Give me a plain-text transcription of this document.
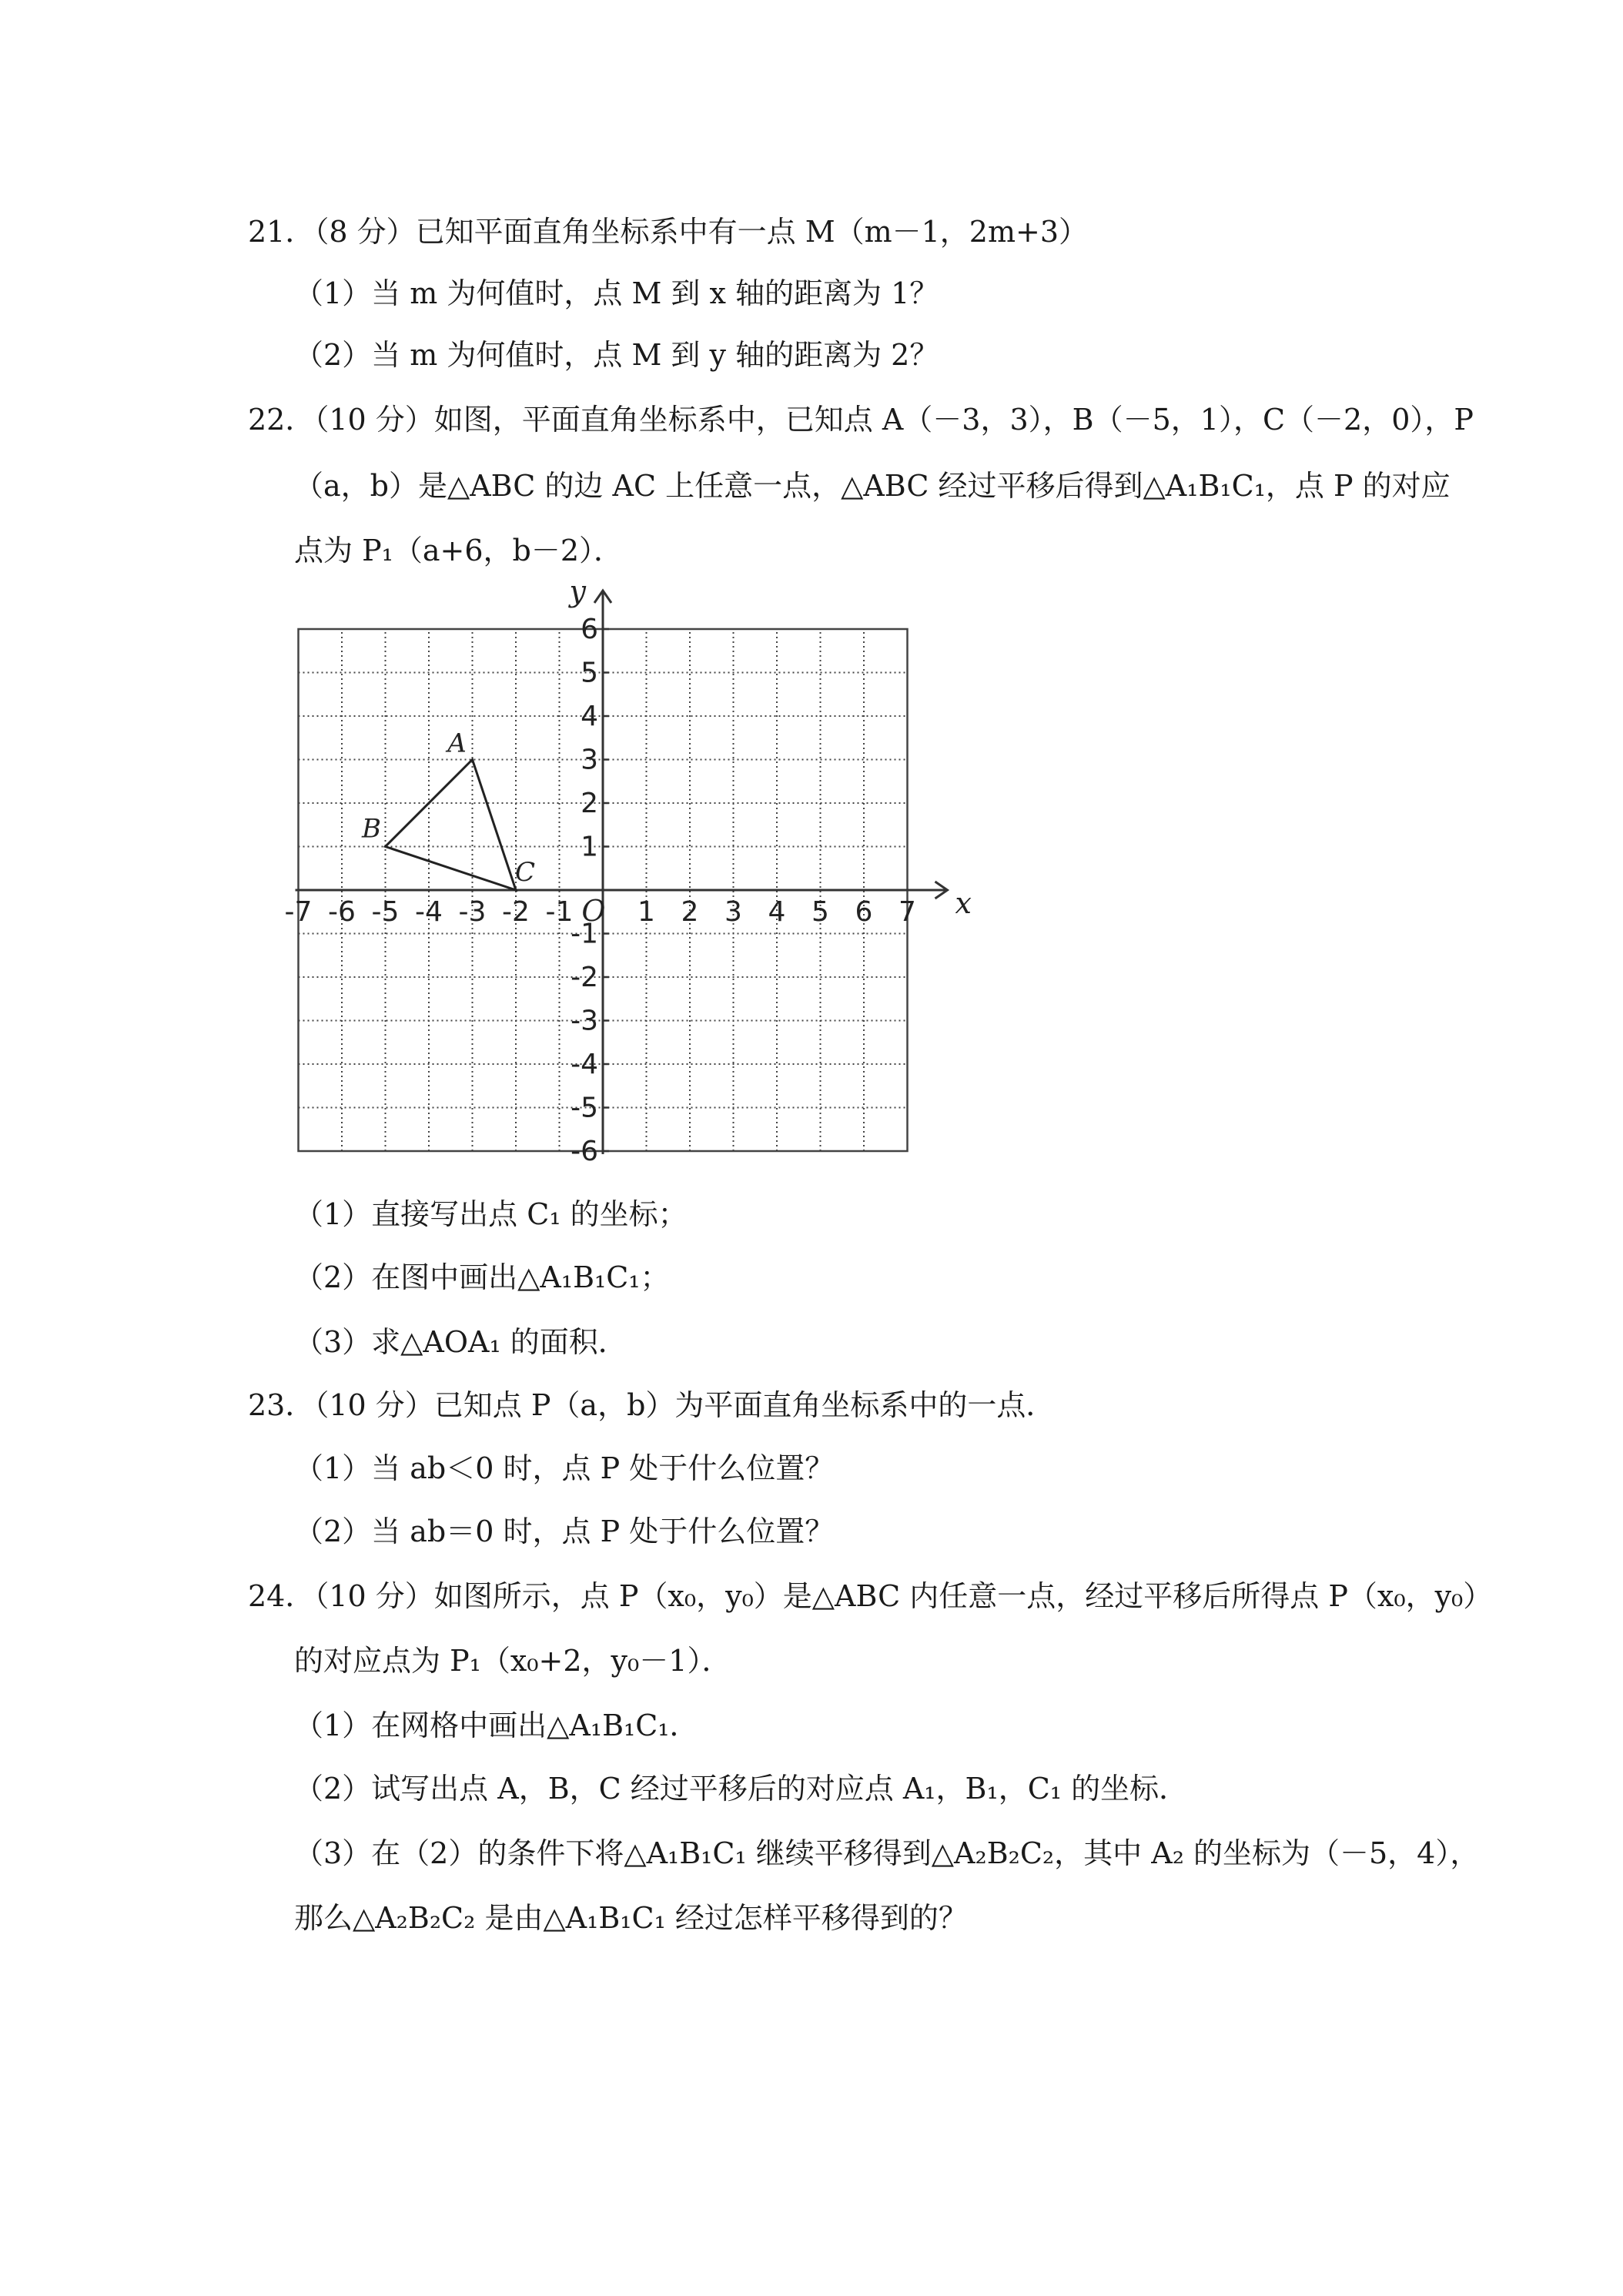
21．（8 分）已知平面直角坐标系中有一点 M（m－1，2m+3）
（1）当 m 为何值时，点 M 到 x 轴的距离为 1？
（2）当 m 为何值时，点 M 到 y 轴的距离为 2？
22．（10 分）如图，平面直角坐标系中，已知点 A（－3，3），B（－5，1），C（－2，0），P
（a，b）是△ABC 的边 AC 上任意一点，△ABC 经过平移后得到△A₁B₁C₁，点 P 的对应
点为 P₁（a+6，b－2）．
-7 -6 -5 -4 -3 -2 -1 1 2 3 4 5 6 7
6
5
4
3
2
1
-1
-2
-3
-4
-5
-6
O	x
y
A
B
C
（1）直接写出点 C₁ 的坐标；
（2）在图中画出△A₁B₁C₁；
（3）求△AOA₁ 的面积．
23．（10 分）已知点 P（a，b）为平面直角坐标系中的一点．
（1）当 ab＜0 时，点 P 处于什么位置？
（2）当 ab＝0 时，点 P 处于什么位置？
24．（10 分）如图所示，点 P（x₀，y₀）是△ABC 内任意一点，经过平移后所得点 P（x₀，y₀）
的对应点为 P₁（x₀+2，y₀－1）．
（1）在网格中画出△A₁B₁C₁．
（2）试写出点 A，B，C 经过平移后的对应点 A₁，B₁，C₁ 的坐标．
（3）在（2）的条件下将△A₁B₁C₁ 继续平移得到△A₂B₂C₂，其中 A₂ 的坐标为（－5，4），
那么△A₂B₂C₂ 是由△A₁B₁C₁ 经过怎样平移得到的？
